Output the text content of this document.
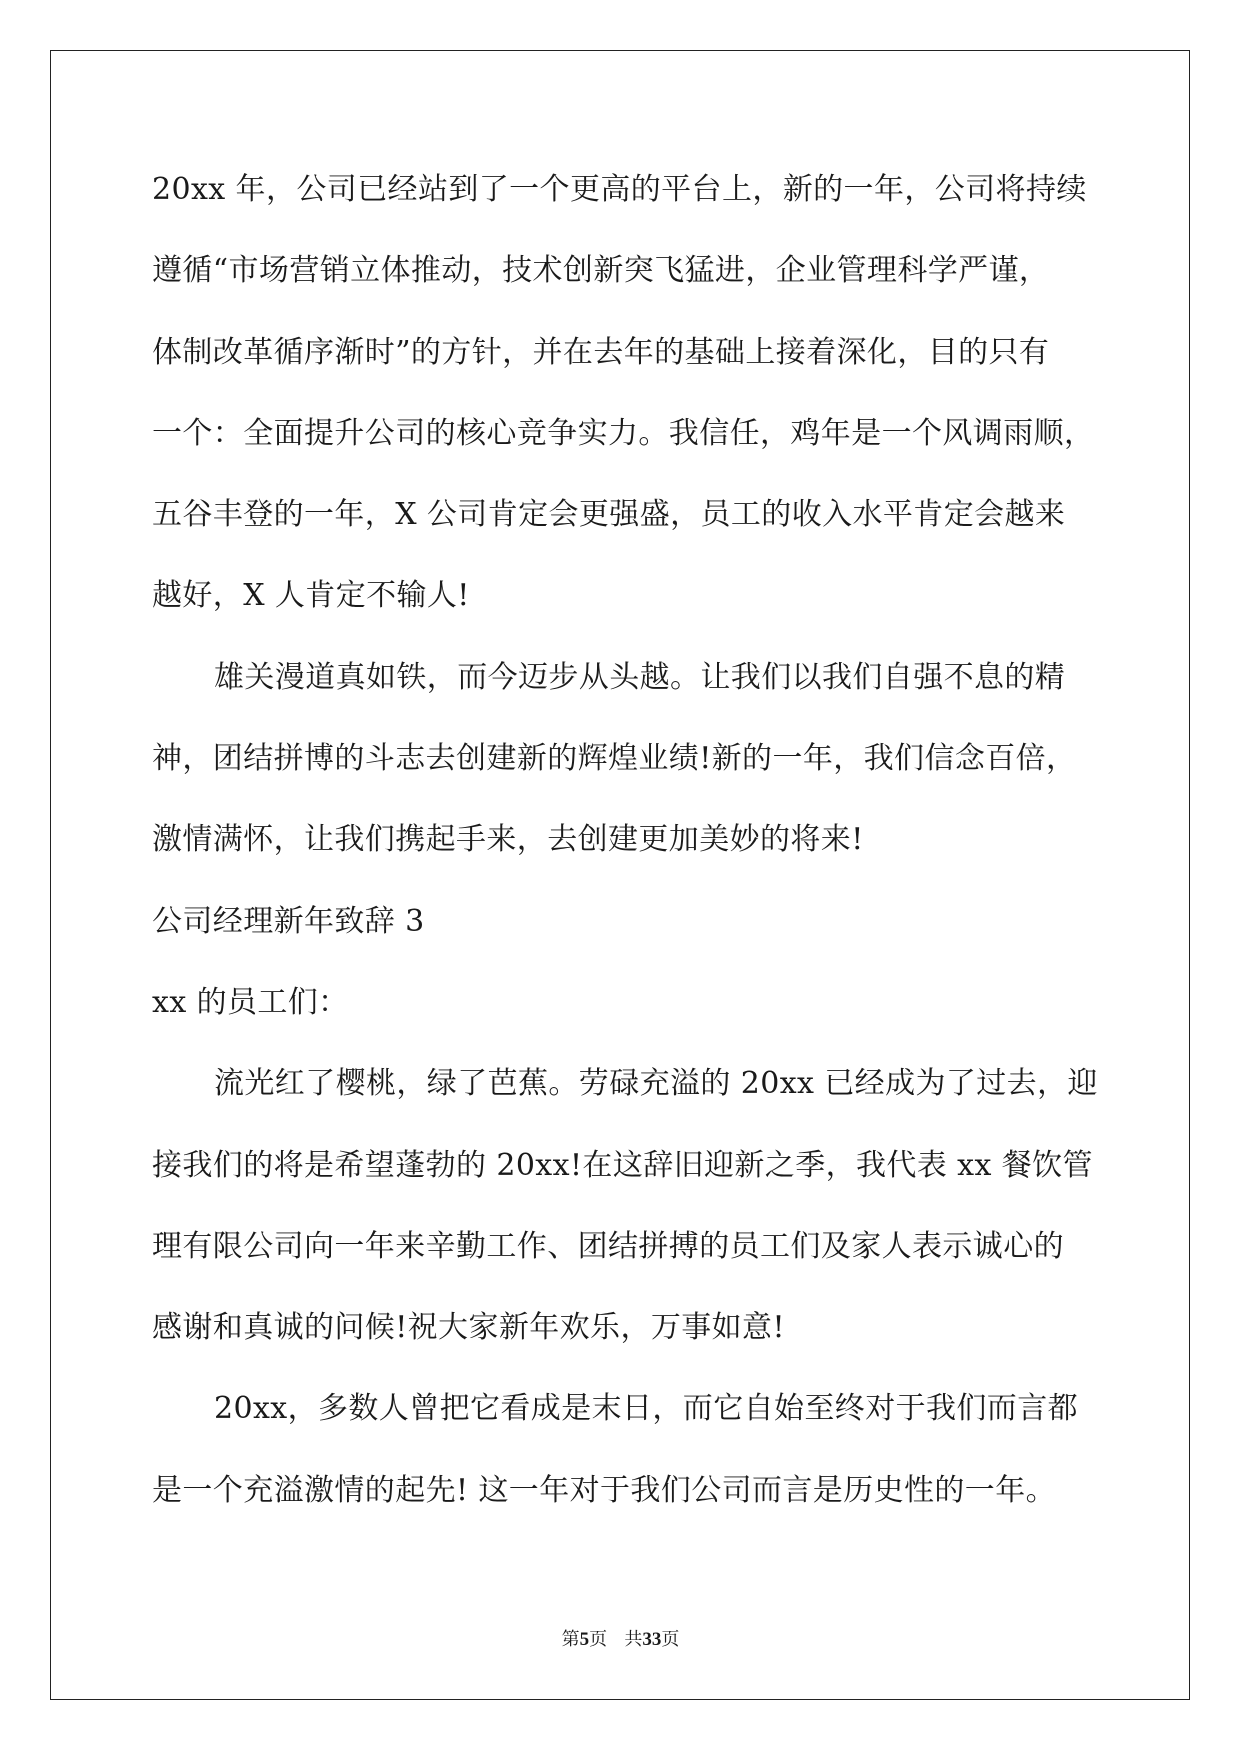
20xx 年，公司已经站到了一个更高的平台上，新的一年，公司将持续
遵循“市场营销立体推动，技术创新突飞猛进，企业管理科学严谨，
体制改革循序渐时”的方针，并在去年的基础上接着深化，目的只有
一个：全面提升公司的核心竞争实力。我信任，鸡年是一个风调雨顺，
五谷丰登的一年，X 公司肯定会更强盛，员工的收入水平肯定会越来
越好，X 人肯定不输人!
雄关漫道真如铁，而今迈步从头越。让我们以我们自强不息的精
神，团结拼博的斗志去创建新的辉煌业绩!新的一年，我们信念百倍，
激情满怀，让我们携起手来，去创建更加美妙的将来!
公司经理新年致辞 3
xx 的员工们：
流光红了樱桃，绿了芭蕉。劳碌充溢的 20xx 已经成为了过去，迎
接我们的将是希望蓬勃的 20xx!在这辞旧迎新之季，我代表 xx 餐饮管
理有限公司向一年来辛勤工作、团结拼搏的员工们及家人表示诚心的
感谢和真诚的问候!祝大家新年欢乐，万事如意!
20xx，多数人曾把它看成是末日，而它自始至终对于我们而言都
是一个充溢激情的起先! 这一年对于我们公司而言是历史性的一年。
第5页 共33页
